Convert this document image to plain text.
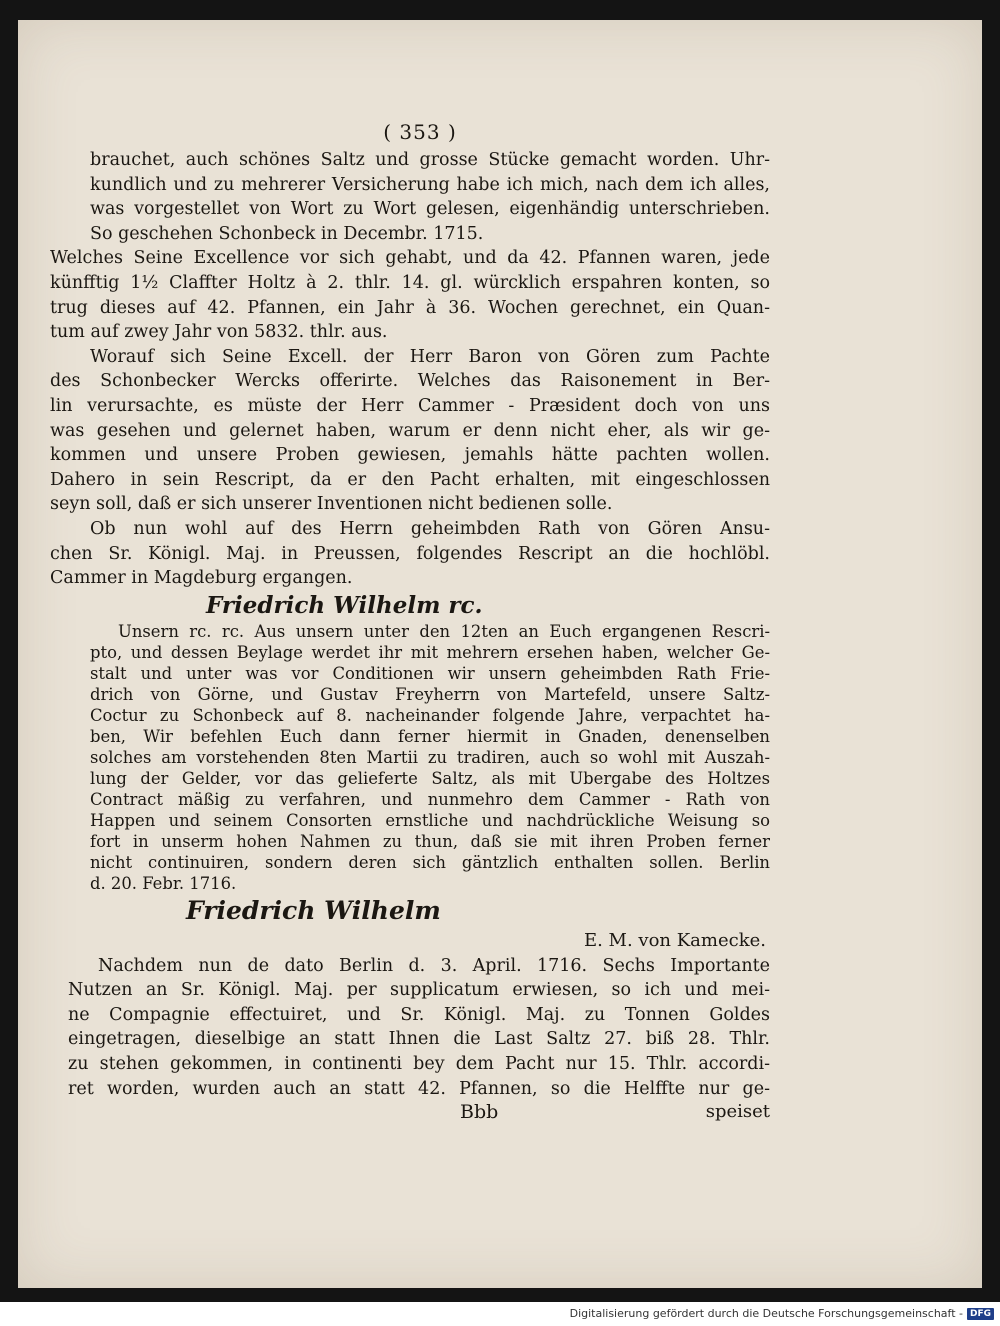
( 353 )
brauchet, auch schönes Saltz und grosse Stücke gemacht worden. Uhr-
kundlich und zu mehrerer Versicherung habe ich mich, nach dem ich alles,
was vorgestellet von Wort zu Wort gelesen, eigenhändig unterschrieben.
So geschehen Schonbeck in Decembr. 1715.
Welches Seine Excellence vor sich gehabt, und da 42. Pfannen waren, jede
künfftig 1½ Claffter Holtz à 2. thlr. 14. gl. würcklich erspahren konten, so
trug dieses auf 42. Pfannen, ein Jahr à 36. Wochen gerechnet, ein Quan-
tum auf zwey Jahr von 5832. thlr. aus.
Worauf sich Seine Excell. der Herr Baron von Gören zum Pachte
des Schonbecker Wercks offerirte. Welches das Raisonement in Ber-
lin verursachte, es müste der Herr Cammer - Præsident doch von uns
was gesehen und gelernet haben, warum er denn nicht eher, als wir ge-
kommen und unsere Proben gewiesen, jemahls hätte pachten wollen.
Dahero in sein Rescript, da er den Pacht erhalten, mit eingeschlossen
seyn soll, daß er sich unserer Inventionen nicht bedienen solle.
Ob nun wohl auf des Herrn geheimbden Rath von Gören Ansu-
chen Sr. Königl. Maj. in Preussen, folgendes Rescript an die hochlöbl.
Cammer in Magdeburg ergangen.
Friedrich Wilhelm rc.
Unsern rc. rc. Aus unsern unter den 12ten an Euch ergangenen Rescri-
pto, und dessen Beylage werdet ihr mit mehrern ersehen haben, welcher Ge-
stalt und unter was vor Conditionen wir unsern geheimbden Rath Frie-
drich von Görne, und Gustav Freyherrn von Martefeld, unsere Saltz-
Coctur zu Schonbeck auf 8. nacheinander folgende Jahre, verpachtet ha-
ben, Wir befehlen Euch dann ferner hiermit in Gnaden, denenselben
solches am vorstehenden 8ten Martii zu tradiren, auch so wohl mit Auszah-
lung der Gelder, vor das gelieferte Saltz, als mit Ubergabe des Holtzes
Contract mäßig zu verfahren, und nunmehro dem Cammer - Rath von
Happen und seinem Consorten ernstliche und nachdrückliche Weisung so
fort in unserm hohen Nahmen zu thun, daß sie mit ihren Proben ferner
nicht continuiren, sondern deren sich gäntzlich enthalten sollen. Berlin
d. 20. Febr. 1716.
Friedrich Wilhelm
E. M. von Kamecke.
Nachdem nun de dato Berlin d. 3. April. 1716. Sechs Importante
Nutzen an Sr. Königl. Maj. per supplicatum erwiesen, so ich und mei-
ne Compagnie effectuiret, und Sr. Königl. Maj. zu Tonnen Goldes
eingetragen, dieselbige an statt Ihnen die Last Saltz 27. biß 28. Thlr.
zu stehen gekommen, in continenti bey dem Pacht nur 15. Thlr. accordi-
ret worden, wurden auch an statt 42. Pfannen, so die Helffte nur ge-
Bbb	speiset
Digitalisierung gefördert durch die Deutsche Forschungsgemeinschaft - DFG
